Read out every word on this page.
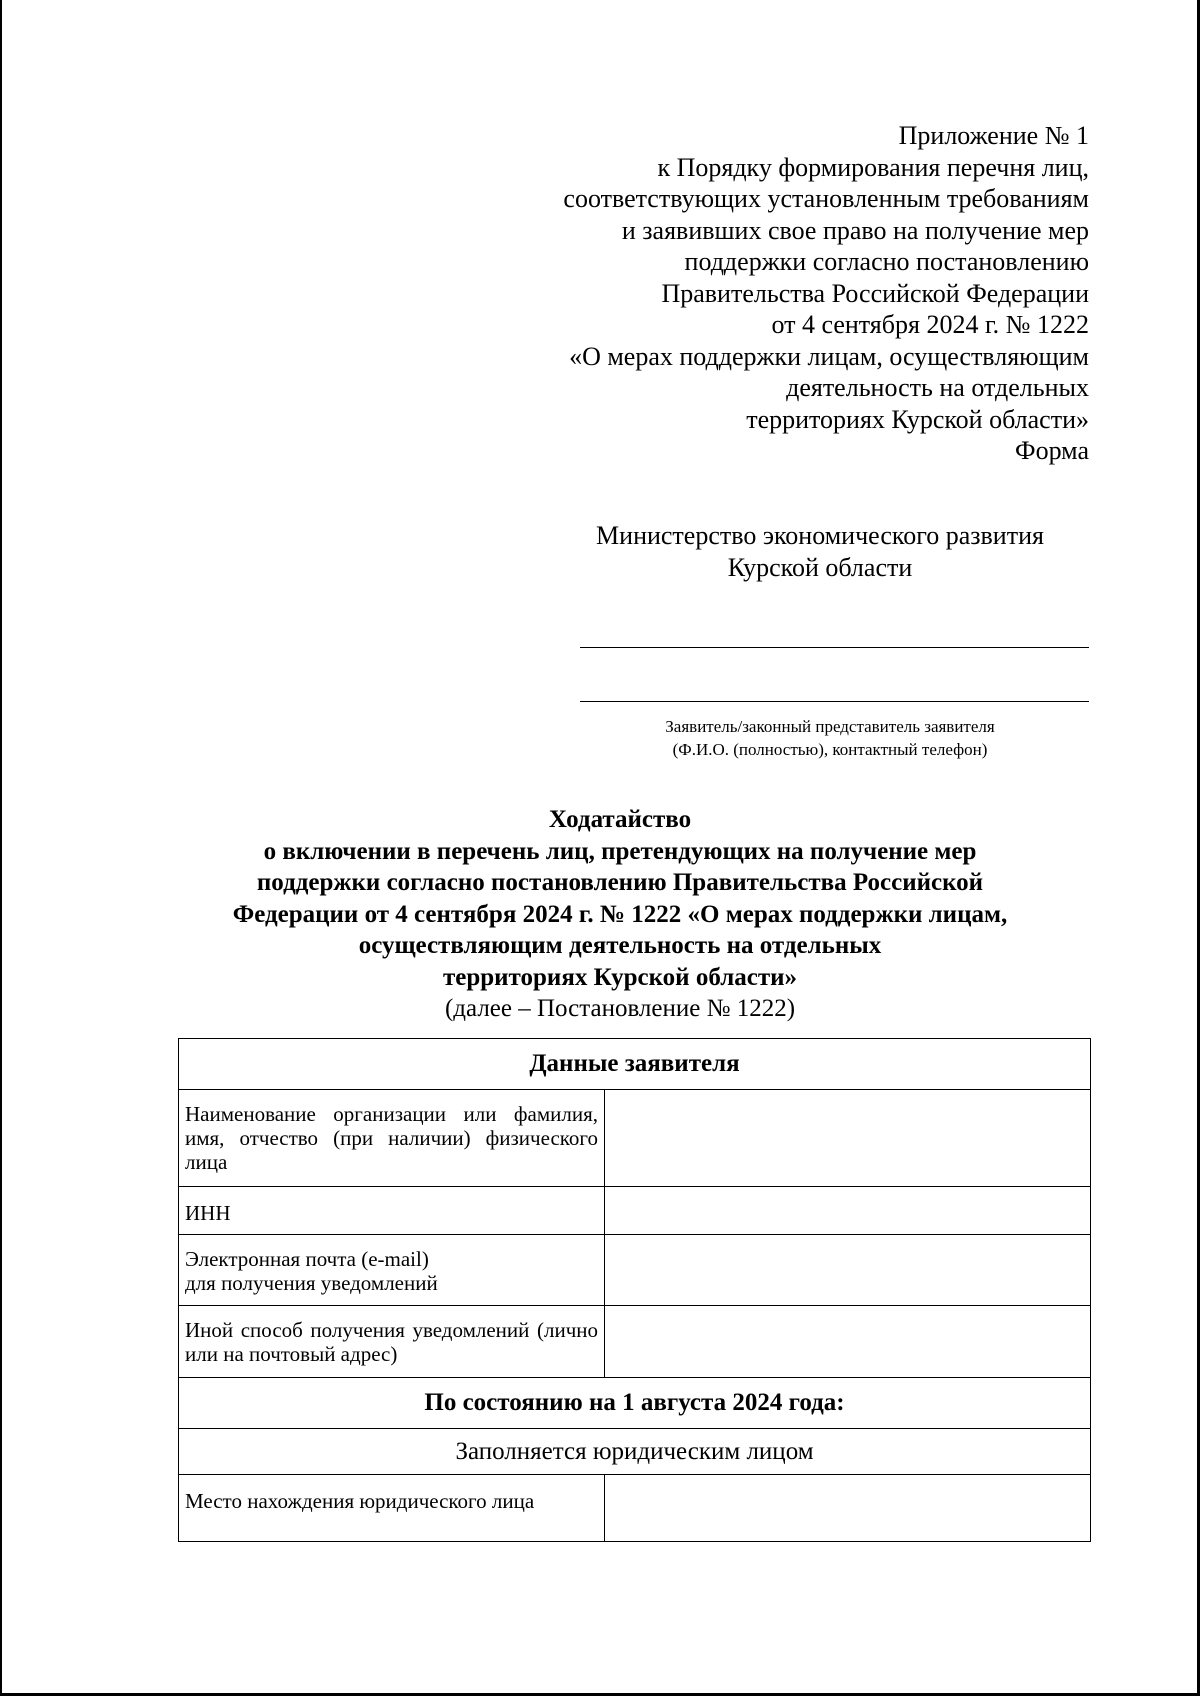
Приложение № 1
к Порядку формирования перечня лиц,
соответствующих установленным требованиям
и заявивших свое право на получение мер
поддержки согласно постановлению
Правительства Российской Федерации
от 4 сентября 2024 г. № 1222
«О мерах поддержки лицам, осуществляющим
деятельность на отдельных
территориях Курской области»
Форма
Министерство экономического развития
Курской области
Заявитель/законный представитель заявителя
(Ф.И.О. (полностью), контактный телефон)
Ходатайство
о включении в перечень лиц, претендующих на получение мер
поддержки согласно постановлению Правительства Российской
Федерации от 4 сентября 2024 г. № 1222 «О мерах поддержки лицам,
осуществляющим деятельность на отдельных
территориях Курской области»
(далее – Постановление № 1222)
Данные заявителя	
Наименование организации или фамилия, имя, отчество (при наличии) физического лица	
ИНН	

Электронная почта (e-mail)
для получения уведомлений	

Иной способ получения уведомлений (лично или на почтовый адрес)	
По состоянию на 1 августа 2024 года:	
Заполняется юридическим лицом	
Место нахождения юридического лица	
